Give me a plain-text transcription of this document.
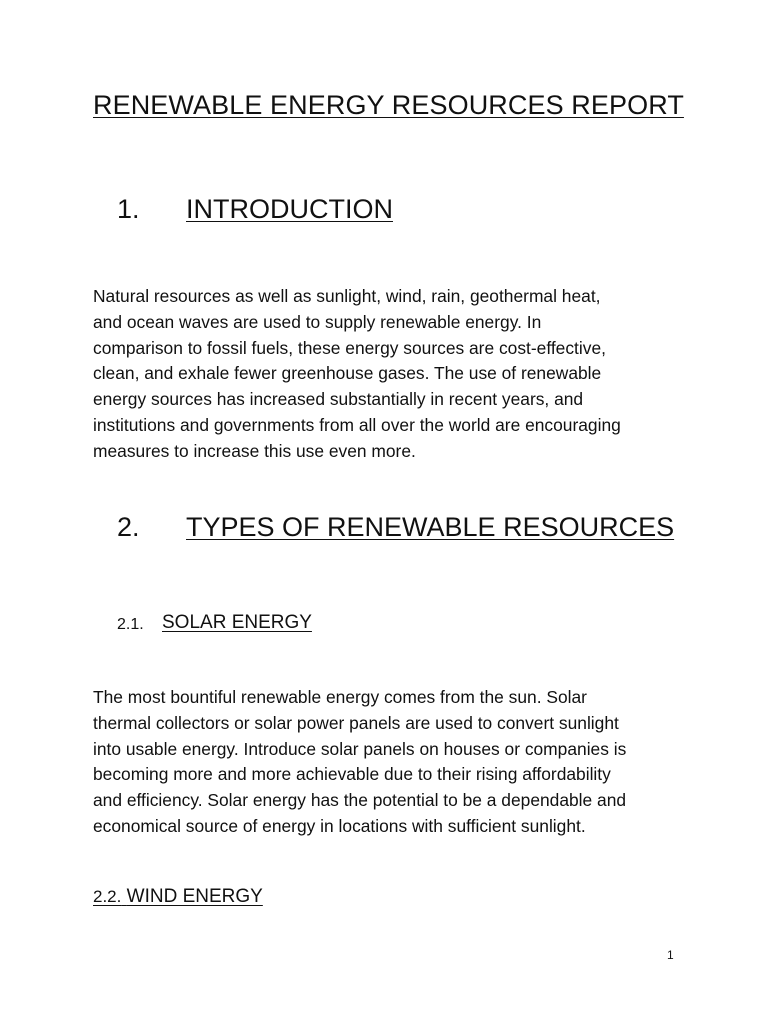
RENEWABLE ENERGY RESOURCES REPORT
1. INTRODUCTION

Natural resources as well as sunlight, wind, rain, geothermal heat,
and ocean waves are used to supply renewable energy. In
comparison to fossil fuels, these energy sources are cost-effective,
clean, and exhale fewer greenhouse gases. The use of renewable
energy sources has increased substantially in recent years, and
institutions and governments from all over the world are encouraging
measures to increase this use even more.

2. TYPES OF RENEWABLE RESOURCES
2.1. SOLAR ENERGY

The most bountiful renewable energy comes from the sun. Solar
thermal collectors or solar power panels are used to convert sunlight
into usable energy. Introduce solar panels on houses or companies is
becoming more and more achievable due to their rising affordability
and efficiency. Solar energy has the potential to be a dependable and
economical source of energy in locations with sufficient sunlight.

2.2. WIND ENERGY
1
